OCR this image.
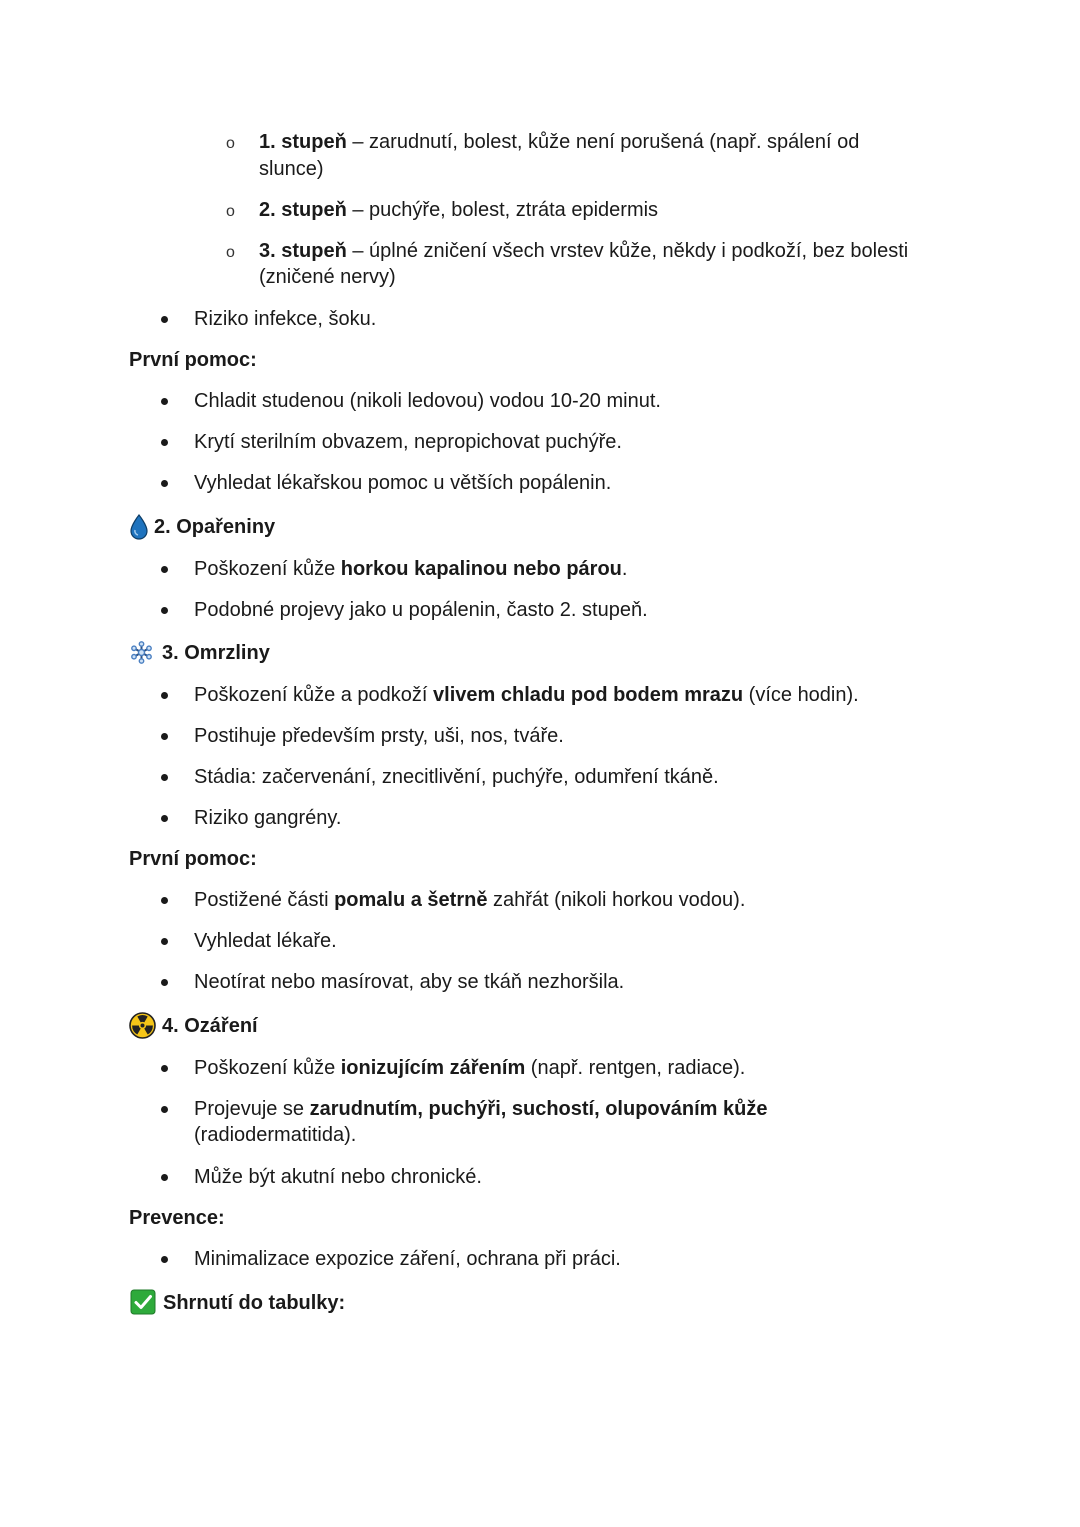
o 1. stupeň – zarudnutí, bolest, kůže není porušená (např. spálení od
slunce)
o 2. stupeň – puchýře, bolest, ztráta epidermis
o 3. stupeň – úplné zničení všech vrstev kůže, někdy i podkoží, bez bolesti
(zničené nervy)
Riziko infekce, šoku.
První pomoc:
Chladit studenou (nikoli ledovou) vodou 10-20 minut.
Krytí sterilním obvazem, nepropichovat puchýře.
Vyhledat lékařskou pomoc u větších popálenin.
2. Opařeniny
Poškození kůže horkou kapalinou nebo párou.
Podobné projevy jako u popálenin, často 2. stupeň.
3. Omrzliny
Poškození kůže a podkoží vlivem chladu pod bodem mrazu (více hodin).
Postihuje především prsty, uši, nos, tváře.
Stádia: začervenání, znecitlivění, puchýře, odumření tkáně.
Riziko gangrény.
První pomoc:
Postižené části pomalu a šetrně zahřát (nikoli horkou vodou).
Vyhledat lékaře.
Neotírat nebo masírovat, aby se tkáň nezhoršila.
4. Ozáření
Poškození kůže ionizujícím zářením (např. rentgen, radiace).
Projevuje se zarudnutím, puchýři, suchostí, olupováním kůže
(radiodermatitida).
Může být akutní nebo chronické.
Prevence:
Minimalizace expozice záření, ochrana při práci.
Shrnutí do tabulky:
